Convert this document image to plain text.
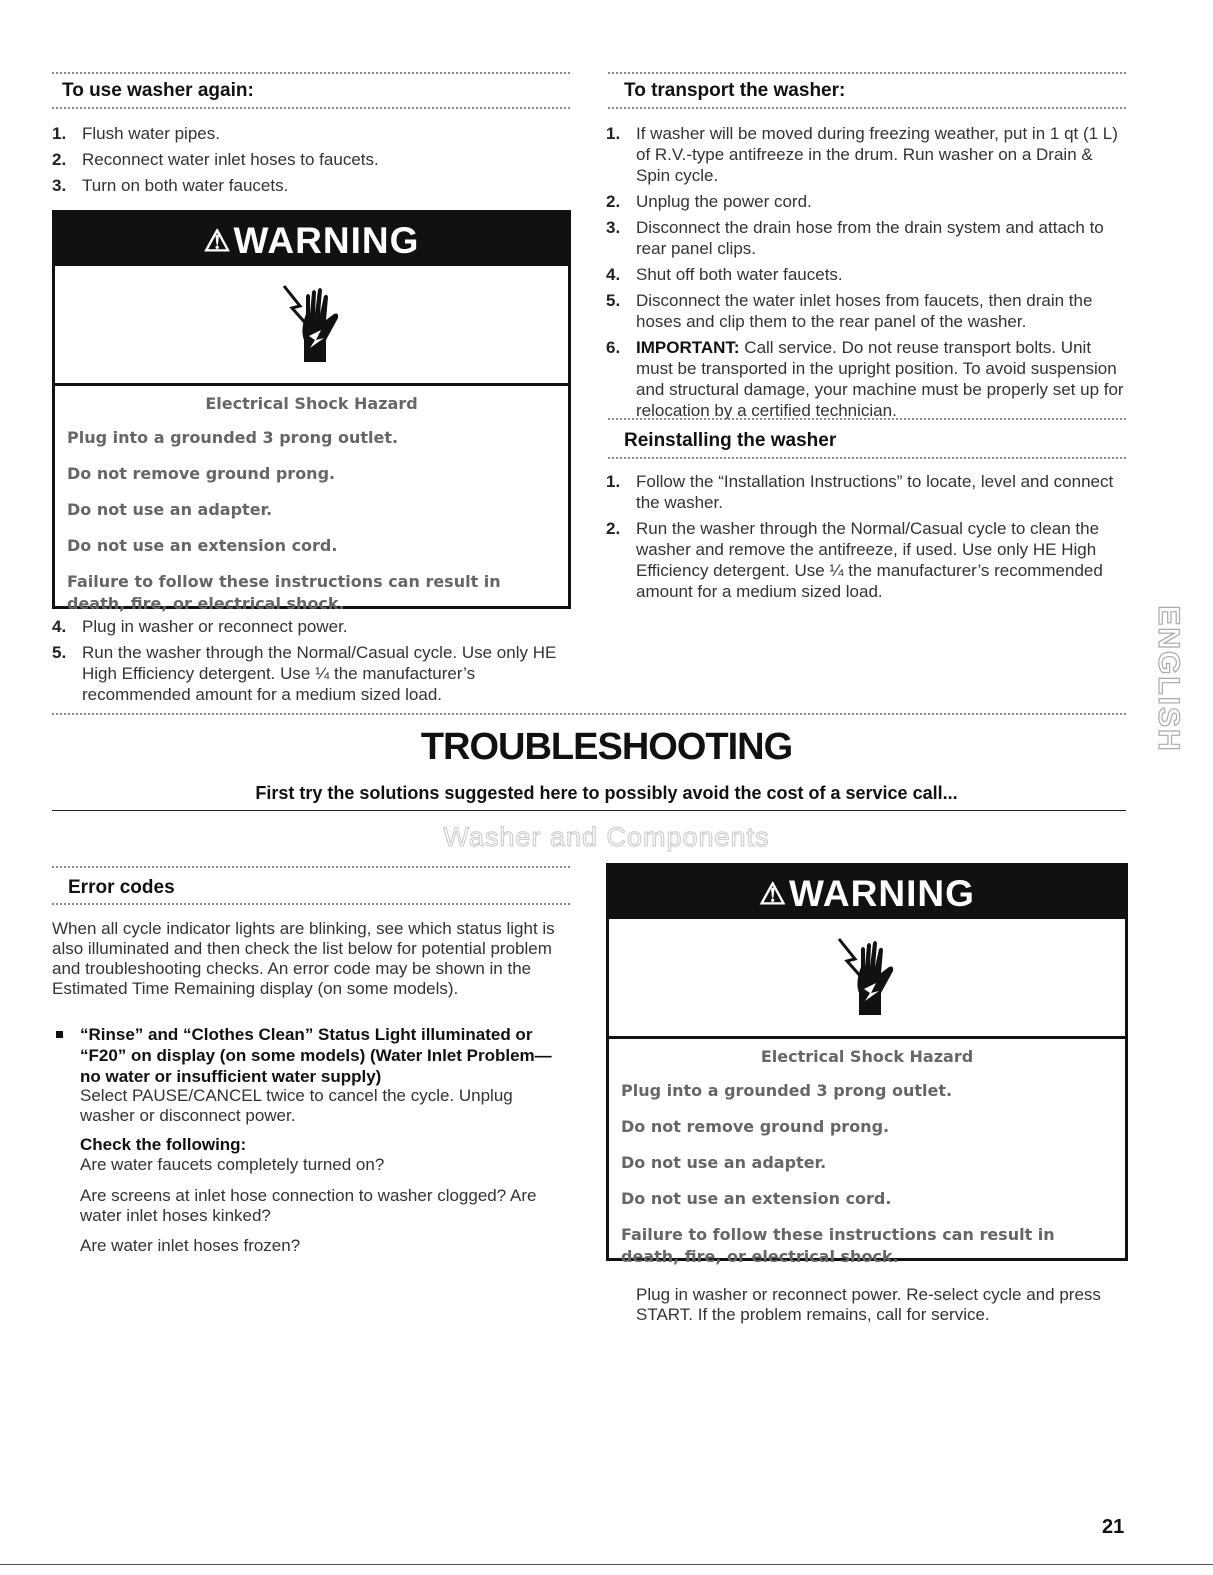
To use washer again:
1. Flush water pipes.
2. Reconnect water inlet hoses to faucets.
3. Turn on both water faucets.
⚠WARNING
Electrical Shock Hazard

Plug into a grounded 3 prong outlet.

Do not remove ground prong.

Do not use an adapter.

Do not use an extension cord.

Failure to follow these instructions can result in death, fire, or electrical shock.

4. Plug in washer or reconnect power.
5. Run the washer through the Normal/Casual cycle. Use only HE High Efficiency detergent. Use ¼ the manufacturer’s recommended amount for a medium sized load.
To transport the washer:
1. If washer will be moved during freezing weather, put in 1 qt (1 L) of R.V.-type antifreeze in the drum. Run washer on a Drain & Spin cycle.
2. Unplug the power cord.
3. Disconnect the drain hose from the drain system and attach to rear panel clips.
4. Shut off both water faucets.
5. Disconnect the water inlet hoses from faucets, then drain the hoses and clip them to the rear panel of the washer.
6. IMPORTANT: Call service. Do not reuse transport bolts. Unit must be transported in the upright position. To avoid suspension and structural damage, your machine must be properly set up for relocation by a certified technician.
Reinstalling the washer
1. Follow the “Installation Instructions” to locate, level and connect the washer.
2. Run the washer through the Normal/Casual cycle to clean the washer and remove the antifreeze, if used. Use only HE High Efficiency detergent. Use ¼ the manufacturer’s recommended amount for a medium sized load.
ENGLISH
TROUBLESHOOTING
First try the solutions suggested here to possibly avoid the cost of a service call...
Washer and Components
Error codes

When all cycle indicator lights are blinking, see which status light is also illuminated and then check the list below for potential problem and troubleshooting checks. An error code may be shown in the Estimated Time Remaining display (on some models).

“Rinse” and “Clothes Clean” Status Light illuminated or “F20” on display (on some models) (Water Inlet Problem—no water or insufficient water supply)

Select PAUSE/CANCEL twice to cancel the cycle. Unplug washer or disconnect power.

Check the following:

Are water faucets completely turned on?

Are screens at inlet hose connection to washer clogged? Are water inlet hoses kinked?

Are water inlet hoses frozen?

⚠WARNING
Electrical Shock Hazard

Plug into a grounded 3 prong outlet.

Do not remove ground prong.

Do not use an adapter.

Do not use an extension cord.

Failure to follow these instructions can result in death, fire, or electrical shock.

Plug in washer or reconnect power. Re-select cycle and press START. If the problem remains, call for service.

21
